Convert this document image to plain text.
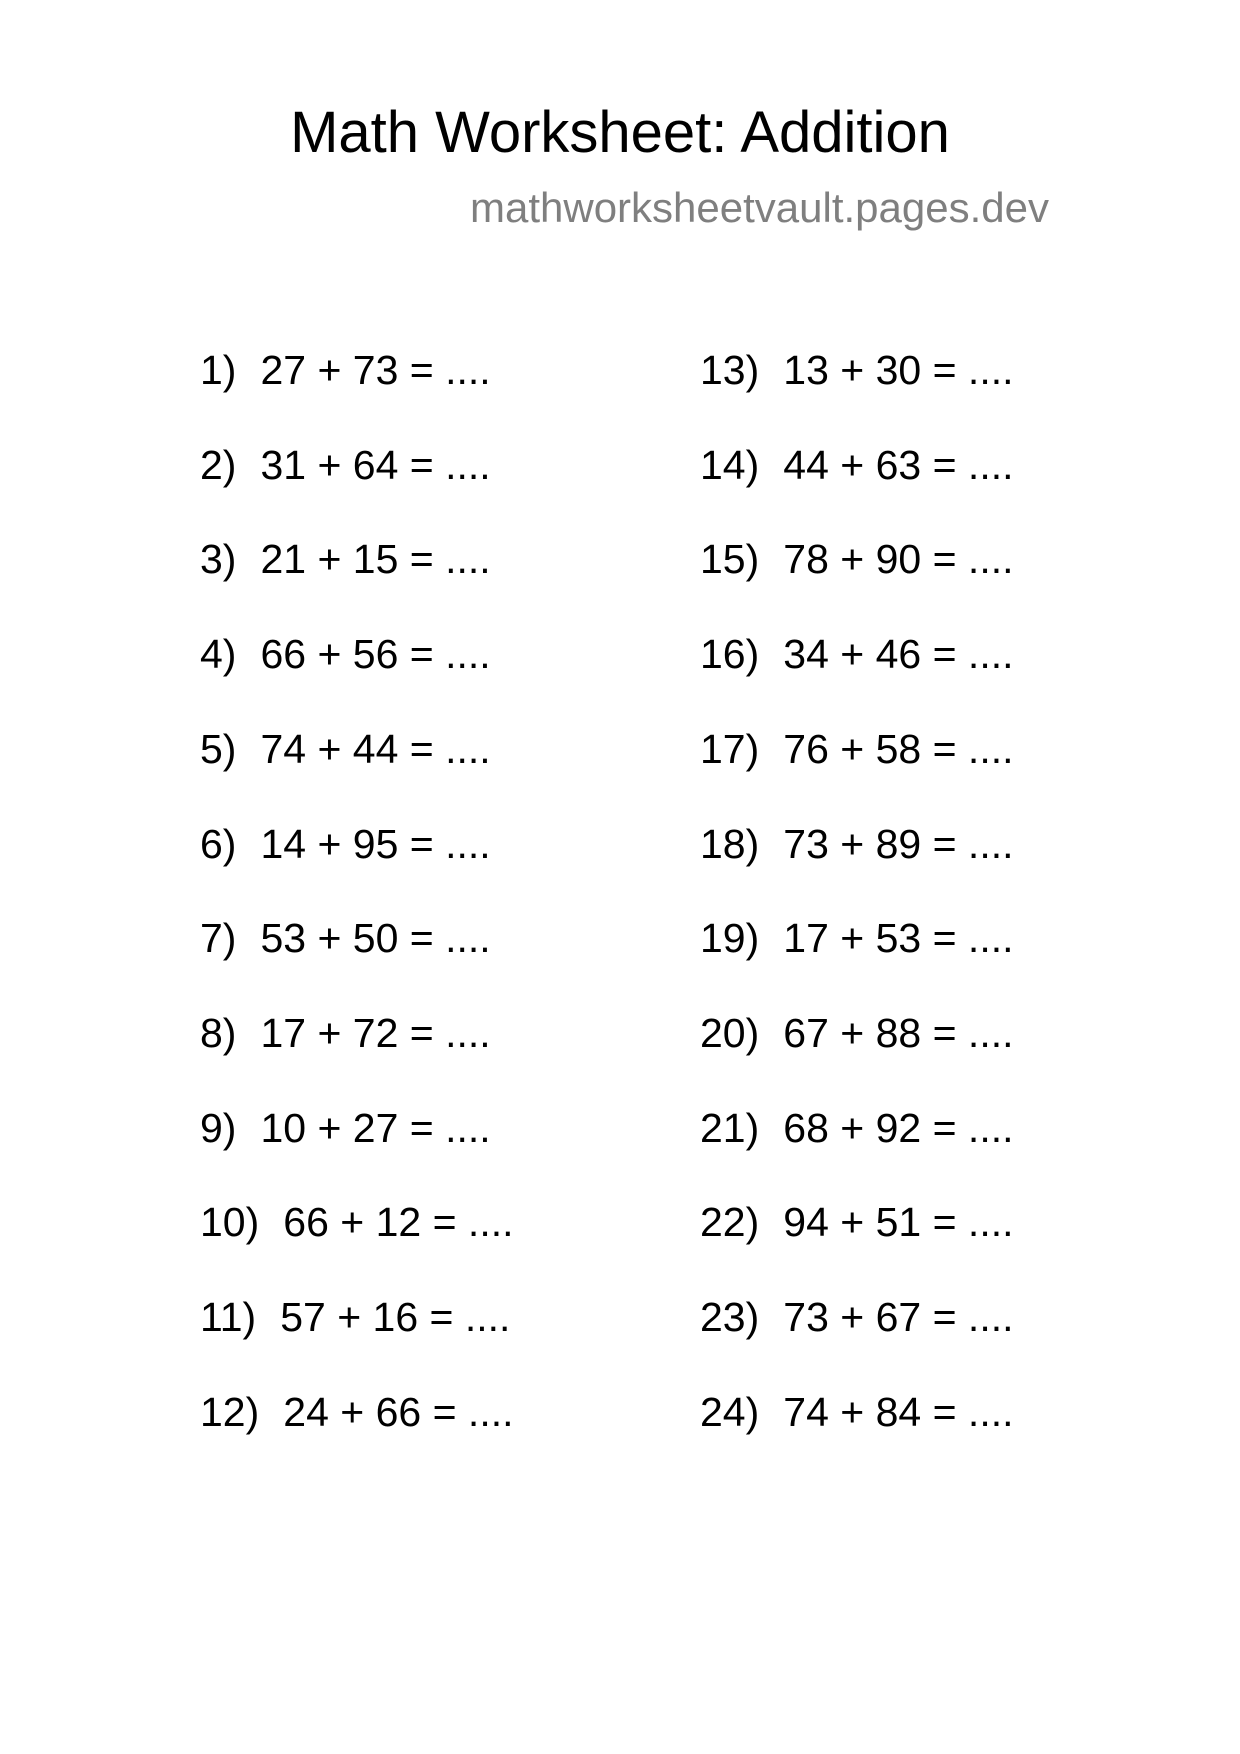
Math Worksheet: Addition
mathworksheetvault.pages.dev
1) 27 + 73 = ....
2) 31 + 64 = ....
3) 21 + 15 = ....
4) 66 + 56 = ....
5) 74 + 44 = ....
6) 14 + 95 = ....
7) 53 + 50 = ....
8) 17 + 72 = ....
9) 10 + 27 = ....
10) 66 + 12 = ....
11) 57 + 16 = ....
12) 24 + 66 = ....
13) 13 + 30 = ....
14) 44 + 63 = ....
15) 78 + 90 = ....
16) 34 + 46 = ....
17) 76 + 58 = ....
18) 73 + 89 = ....
19) 17 + 53 = ....
20) 67 + 88 = ....
21) 68 + 92 = ....
22) 94 + 51 = ....
23) 73 + 67 = ....
24) 74 + 84 = ....
